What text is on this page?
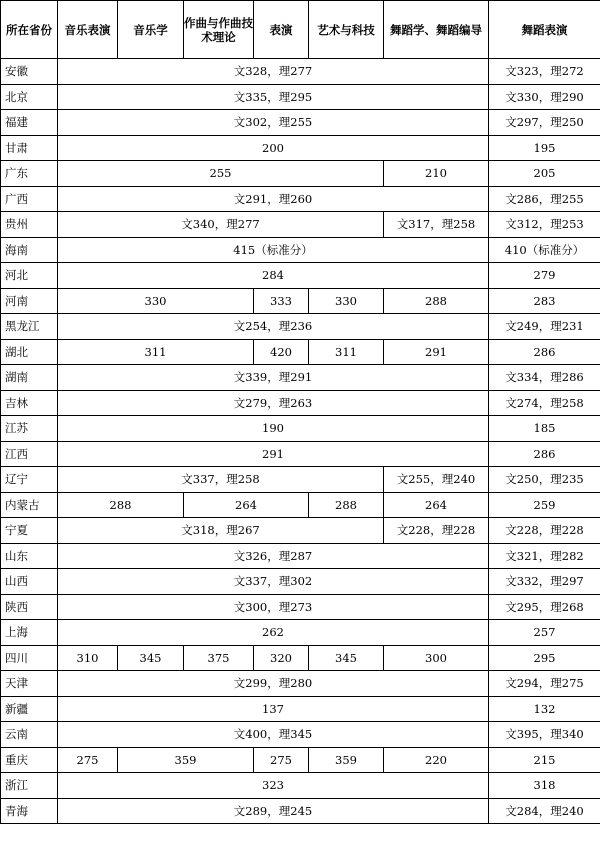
所在省份	音乐表演	音乐学	作曲与作曲技术理论	表演	艺术与科技	舞蹈学、舞蹈编导	舞蹈表演
安徽	文328，理277						文323，理272
北京	文335，理295						文330，理290
福建	文302，理255						文297，理250
甘肃	200						195
广东	255					210	205
广西	文291，理260						文286，理255
贵州	文340，理277					文317，理258	文312，理253
海南	415（标准分）						410（标准分）
河北	284						279
河南	330			333	330	288	283
黑龙江	文254，理236						文249，理231
湖北	311			420	311	291	286
湖南	文339，理291						文334，理286
吉林	文279，理263						文274，理258
江苏	190						185
江西	291						286
辽宁	文337，理258					文255，理240	文250，理235
内蒙古	288		264		288	264	259
宁夏	文318，理267					文228，理228	文228，理228
山东	文326，理287						文321，理282
山西	文337，理302						文332，理297
陕西	文300，理273						文295，理268
上海	262						257
四川	310	345	375	320	345	300	295
天津	文299，理280						文294，理275
新疆	137						132
云南	文400，理345						文395，理340
重庆	275	359		275	359	220	215
浙江	323						318
青海	文289，理245						文284，理240
